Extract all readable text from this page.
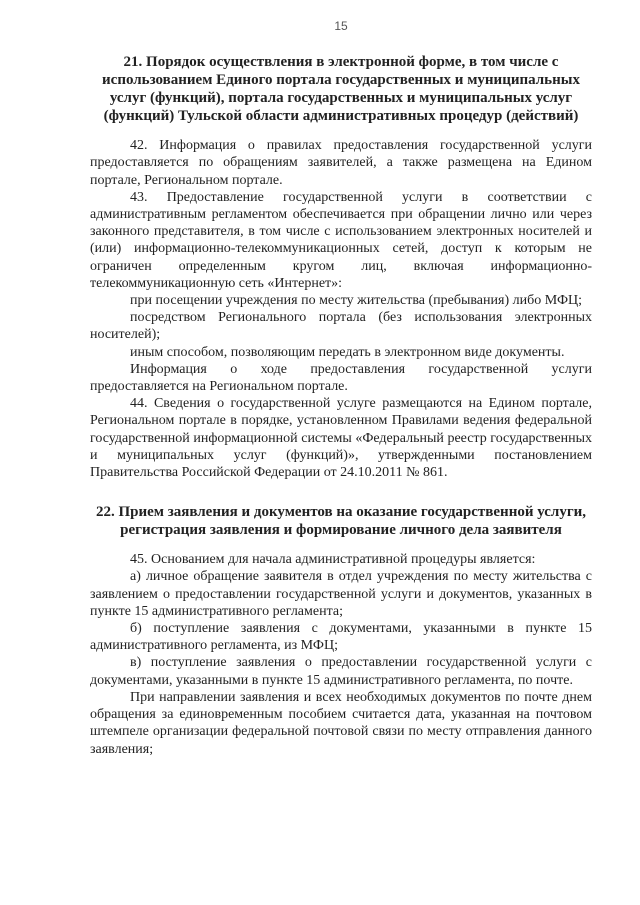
15
21. Порядок осуществления в электронной форме, в том числе с использованием Единого портала государственных и муниципальных услуг (функций), портала государственных и муниципальных услуг (функций) Тульской области административных процедур (действий)

42. Информация о правилах предоставления государственной услуги предоставляется по обращениям заявителей, а также размещена на Едином портале, Региональном портале.

43. Предоставление государственной услуги в соответствии с административным регламентом обеспечивается при обращении лично или через законного представителя, в том числе с использованием электронных носителей и (или) информационно-телекоммуникационных сетей, доступ к которым не ограничен определенным кругом лиц, включая информационно-телекоммуникационную сеть «Интернет»:

при посещении учреждения по месту жительства (пребывания) либо МФЦ;

посредством Регионального портала (без использования электронных носителей);

иным способом, позволяющим передать в электронном виде документы.

Информация о ходе предоставления государственной услуги предоставляется на Региональном портале.

44. Сведения о государственной услуге размещаются на Едином портале, Региональном портале в порядке, установленном Правилами ведения федеральной государственной информационной системы «Федеральный реестр государственных и муниципальных услуг (функций)», утвержденными постановлением Правительства Российской Федерации от 24.10.2011 № 861.

22. Прием заявления и документов на оказание государственной услуги, регистрация заявления и формирование личного дела заявителя

45. Основанием для начала административной процедуры является:

а) личное обращение заявителя в отдел учреждения по месту жительства с заявлением о предоставлении государственной услуги и документов, указанных в пункте 15 административного регламента;

б) поступление заявления с документами, указанными в пункте 15 административного регламента, из МФЦ;

в) поступление заявления о предоставлении государственной услуги с документами, указанными в пункте 15 административного регламента, по почте.

При направлении заявления и всех необходимых документов по почте днем обращения за единовременным пособием считается дата, указанная на почтовом штемпеле организации федеральной почтовой связи по месту отправления данного заявления;
